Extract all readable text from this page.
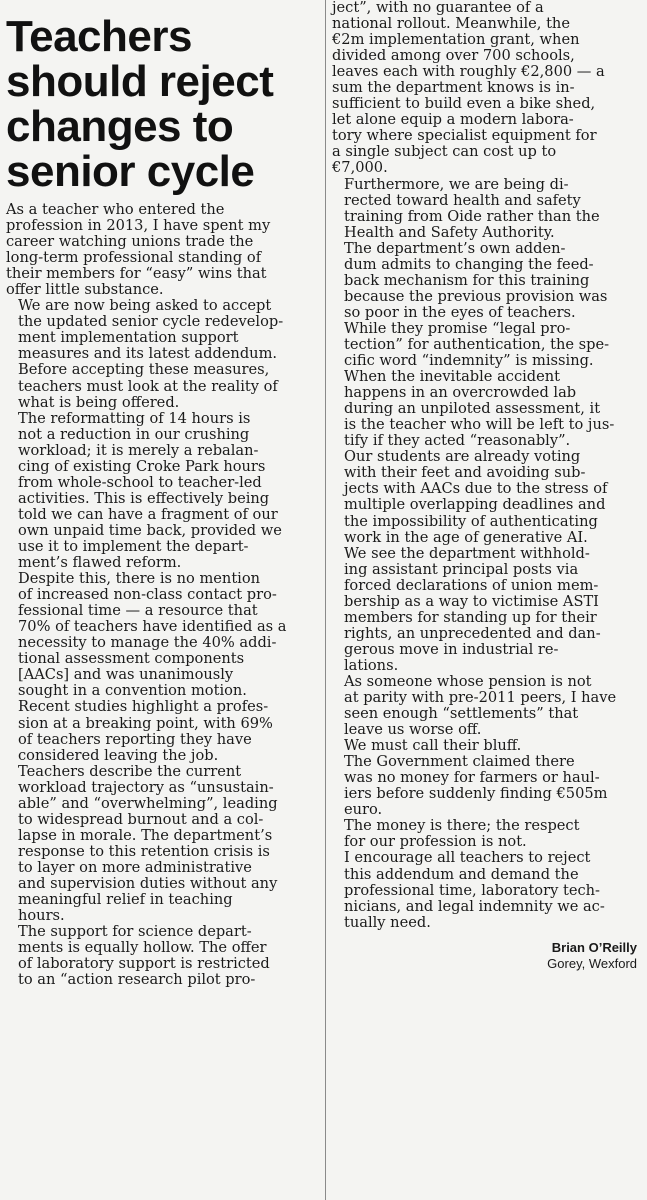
Teachers
should reject
changes to
senior cycle

As a teacher who entered the
profession in 2013, I have spent my
career watching unions trade the
long-term professional standing of
their members for “easy” wins that
offer little substance.

We are now being asked to accept
the updated senior cycle redevelop-
ment implementation support
measures and its latest addendum.
Before accepting these measures,
teachers must look at the reality of
what is being offered.

The reformatting of 14 hours is
not a reduction in our crushing
workload; it is merely a rebalan-
cing of existing Croke Park hours
from whole-school to teacher-led
activities. This is effectively being
told we can have a fragment of our
own unpaid time back, provided we
use it to implement the depart-
ment’s flawed reform.

Despite this, there is no mention
of increased non-class contact pro-
fessional time — a resource that
70% of teachers have identified as a
necessity to manage the 40% addi-
tional assessment components
[AACs] and was unanimously
sought in a convention motion.

Recent studies highlight a profes-
sion at a breaking point, with 69%
of teachers reporting they have
considered leaving the job.

Teachers describe the current
workload trajectory as “unsustain-
able” and “overwhelming”, leading
to widespread burnout and a col-
lapse in morale. The department’s
response to this retention crisis is
to layer on more administrative
and supervision duties without any
meaningful relief in teaching
hours.

The support for science depart-
ments is equally hollow. The offer
of laboratory support is restricted
to an “action research pilot pro-

ject”, with no guarantee of a
national rollout. Meanwhile, the
€2m implementation grant, when
divided among over 700 schools,
leaves each with roughly €2,800 — a
sum the department knows is in-
sufficient to build even a bike shed,
let alone equip a modern labora-
tory where specialist equipment for
a single subject can cost up to
€7,000.

Furthermore, we are being di-
rected toward health and safety
training from Oide rather than the
Health and Safety Authority.

The department’s own adden-
dum admits to changing the feed-
back mechanism for this training
because the previous provision was
so poor in the eyes of teachers.

While they promise “legal pro-
tection” for authentication, the spe-
cific word “indemnity” is missing.
When the inevitable accident
happens in an overcrowded lab
during an unpiloted assessment, it
is the teacher who will be left to jus-
tify if they acted “reasonably”.

Our students are already voting
with their feet and avoiding sub-
jects with AACs due to the stress of
multiple overlapping deadlines and
the impossibility of authenticating
work in the age of generative AI.

We see the department withhold-
ing assistant principal posts via
forced declarations of union mem-
bership as a way to victimise ASTI
members for standing up for their
rights, an unprecedented and dan-
gerous move in industrial re-
lations.

As someone whose pension is not
at parity with pre-2011 peers, I have
seen enough “settlements” that
leave us worse off.

We must call their bluff.

The Government claimed there
was no money for farmers or haul-
iers before suddenly finding €505m
euro.

The money is there; the respect
for our profession is not.

I encourage all teachers to reject
this addendum and demand the
professional time, laboratory tech-
nicians, and legal indemnity we ac-
tually need.

Brian O’Reilly
Gorey, Wexford
